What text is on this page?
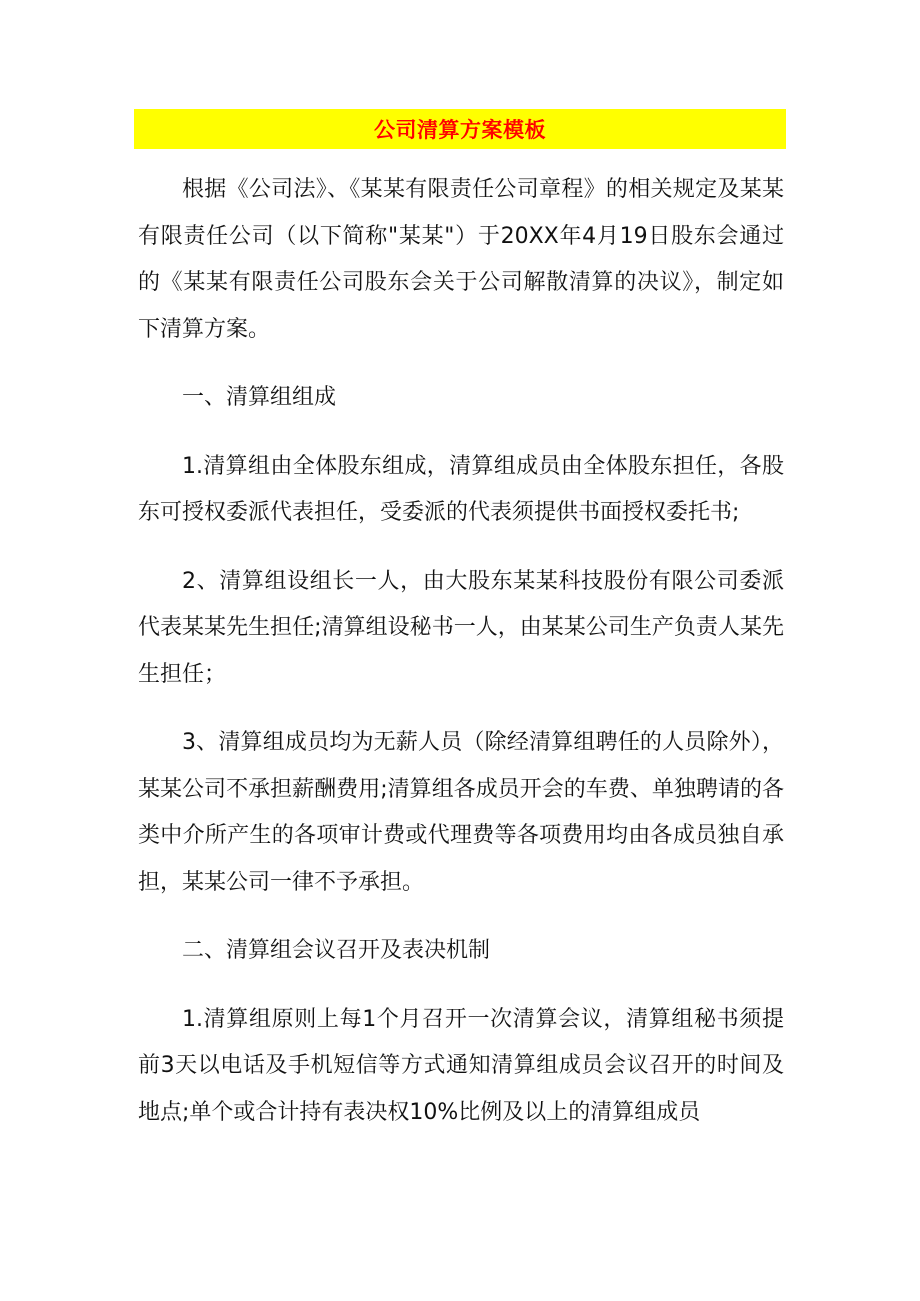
公司清算方案模板

根据《公司法》、《某某有限责任公司章程》的相关规定及某某有限责任公司（以下简称"某某"）于20XX年4月19日股东会通过的《某某有限责任公司股东会关于公司解散清算的决议》，制定如下清算方案。

一、清算组组成

1.清算组由全体股东组成，清算组成员由全体股东担任，各股东可授权委派代表担任，受委派的代表须提供书面授权委托书;

2、清算组设组长一人，由大股东某某科技股份有限公司委派代表某某先生担任;清算组设秘书一人，由某某公司生产负责人某先生担任；

3、清算组成员均为无薪人员（除经清算组聘任的人员除外），某某公司不承担薪酬费用;清算组各成员开会的车费、单独聘请的各类中介所产生的各项审计费或代理费等各项费用均由各成员独自承担，某某公司一律不予承担。

二、清算组会议召开及表决机制

1.清算组原则上每1个月召开一次清算会议，清算组秘书须提前3天以电话及手机短信等方式通知清算组成员会议召开的时间及地点;单个或合计持有表决权10%比例及以上的清算组成员
